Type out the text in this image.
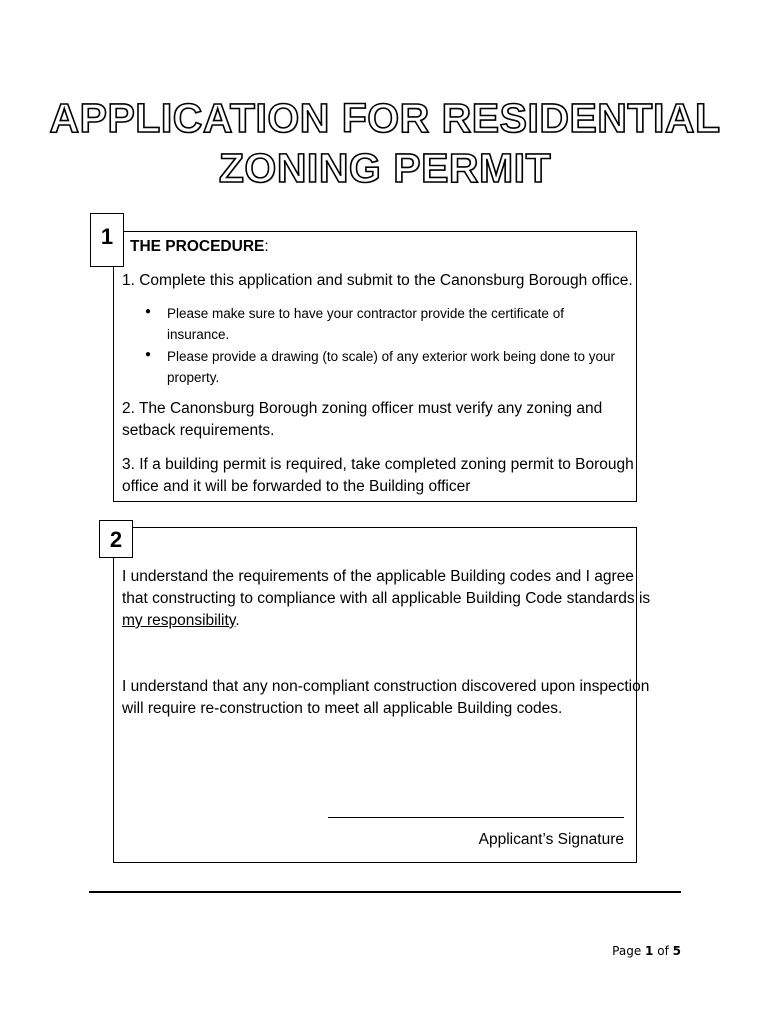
APPLICATION FOR RESIDENTIAL
ZONING PERMIT
1	THE PROCEDURE:
1. Complete this application and submit to the Canonsburg Borough office.
● Please make sure to have your contractor provide the certificate of
insurance.
● Please provide a drawing (to scale) of any exterior work being done to your
property.
2. The Canonsburg Borough zoning officer must verify any zoning and
setback requirements.
3. If a building permit is required, take completed zoning permit to Borough
office and it will be forwarded to the Building officer
2
I understand the requirements of the applicable Building codes and I agree
that constructing to compliance with all applicable Building Code standards is
my responsibility.
I understand that any non-compliant construction discovered upon inspection
will require re-construction to meet all applicable Building codes.
Applicant’s Signature
Page 1 of 5
